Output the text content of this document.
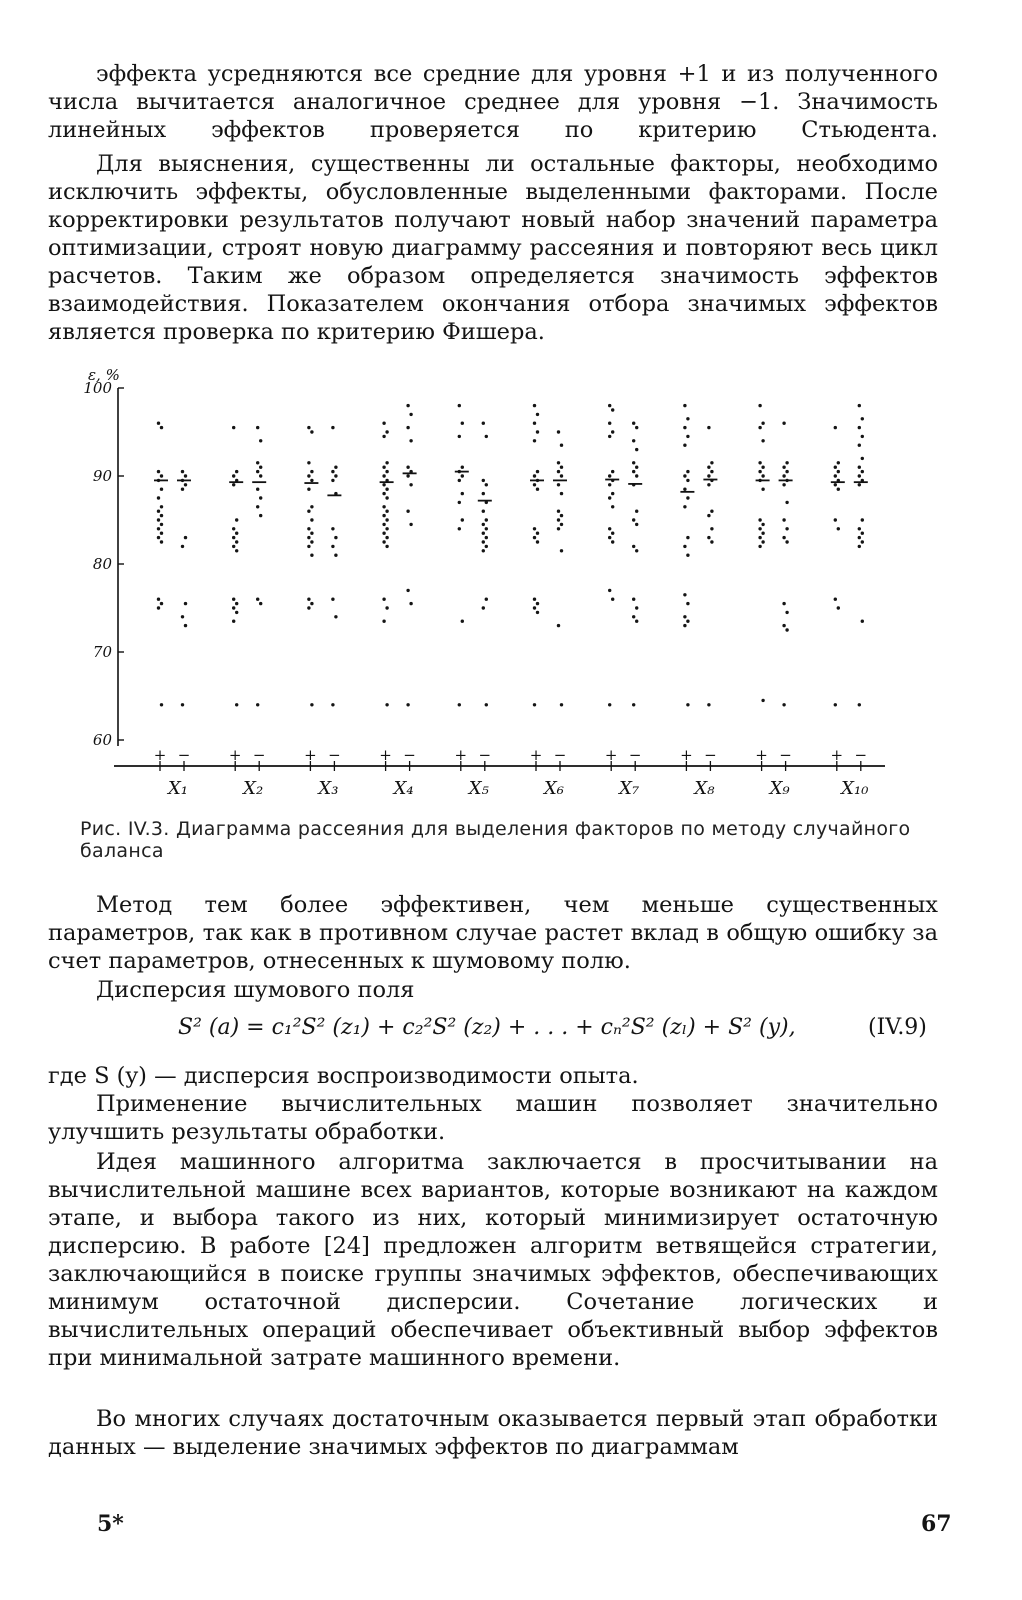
эффекта усредняются все средние для уровня +1 и из полученного числа вычитается аналогичное среднее для уровня −1. Значимость линейных эффектов проверяется по критерию Стьюдента.
Для выяснения, существенны ли остальные факторы, необходимо исключить эффекты, обусловленные выделенными факторами. После корректировки результатов получают новый набор значений параметра оптимизации, строят новую диаграмму рассеяния и повторяют весь цикл расчетов. Таким же образом определяется значимость эффектов взаимодействия. Показателем окончания отбора значимых эффектов является проверка по критерию Фишера.
100
90
80
70
60
ε, %
+ −
X₁
+ −
X₂
+ −
X₃
+ −
X₄
+ −
X₅
+ −
X₆
+ −
X₇
+ −
X₈
+ −
X₉
+ −
X₁₀
Рис. IV.3. Диаграмма рассеяния для выделения факторов по методу случайного баланса
Метод тем более эффективен, чем меньше существенных параметров, так как в противном случае растет вклад в общую ошибку за счет параметров, отнесенных к шумовому полю.
Дисперсия шумового поля
S² (a) = c₁²S² (z₁) + c₂²S² (z₂) + . . . + cₙ²S² (zₗ) + S² (y),	(IV.9)
где S (y) — дисперсия воспроизводимости опыта.
Применение вычислительных машин позволяет значительно улучшить результаты обработки.
Идея машинного алгоритма заключается в просчитывании на вычислительной машине всех вариантов, которые возникают на каждом этапе, и выбора такого из них, который минимизирует остаточную дисперсию. В работе [24] предложен алгоритм ветвящейся стратегии, заключающийся в поиске группы значимых эффектов, обеспечивающих минимум остаточной дисперсии. Сочетание логических и вычислительных операций обеспечивает объективный выбор эффектов при минимальной затрате машинного времени.
Во многих случаях достаточным оказывается первый этап обработки данных — выделение значимых эффектов по диаграммам
5*	67
